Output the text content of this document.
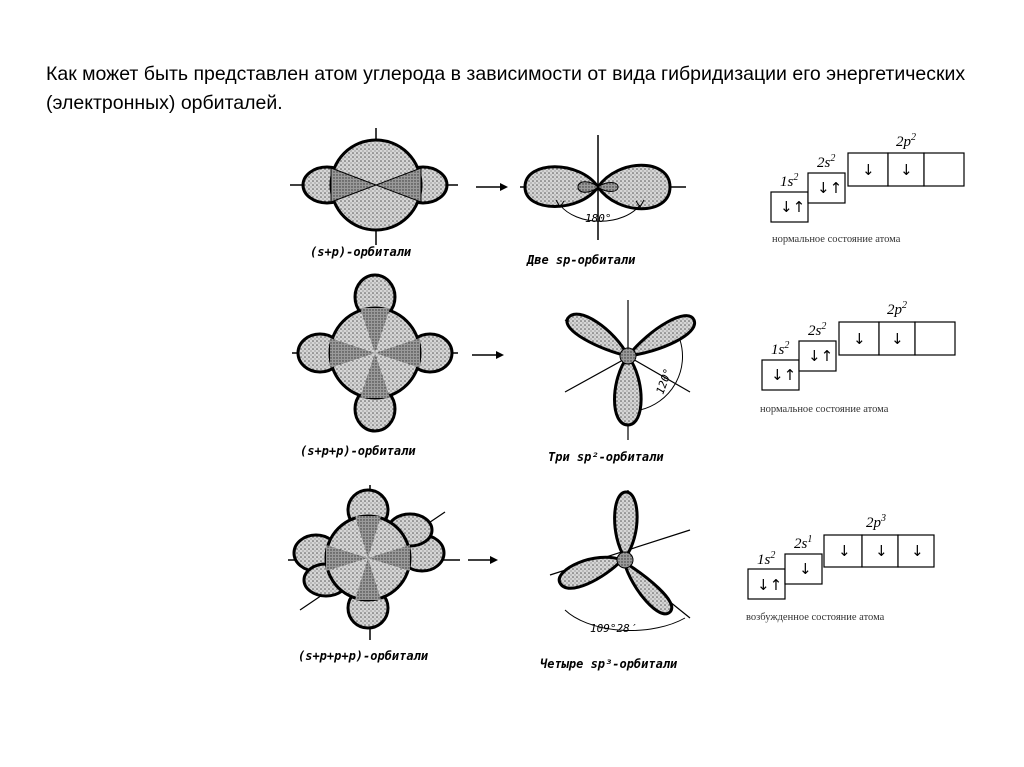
Как может быть представлен атом углерода в зависимости от вида гибридизации его энергетических (электронных) орбиталей.

180°
(s+p)-орбитали
Две sp-орбитали
120°
(s+p+p)-орбитали	Три sp²-орбитали
109°28′
(s+p+p+p)-орбитали
Четыре sp³-орбитали
↓↑
↓↑
↓ ↓
$1s^2$
$2s^2$
$2p^2$
нормальное состояние атома
↓↑
↓↑
↓ ↓
$1s^2$
$2s^2$
$2p^2$
нормальное состояние атома
↓↑
↓
↓ ↓ ↓
$1s^2$
$2s^1$
$2p^3$
возбужденное состояние атома
